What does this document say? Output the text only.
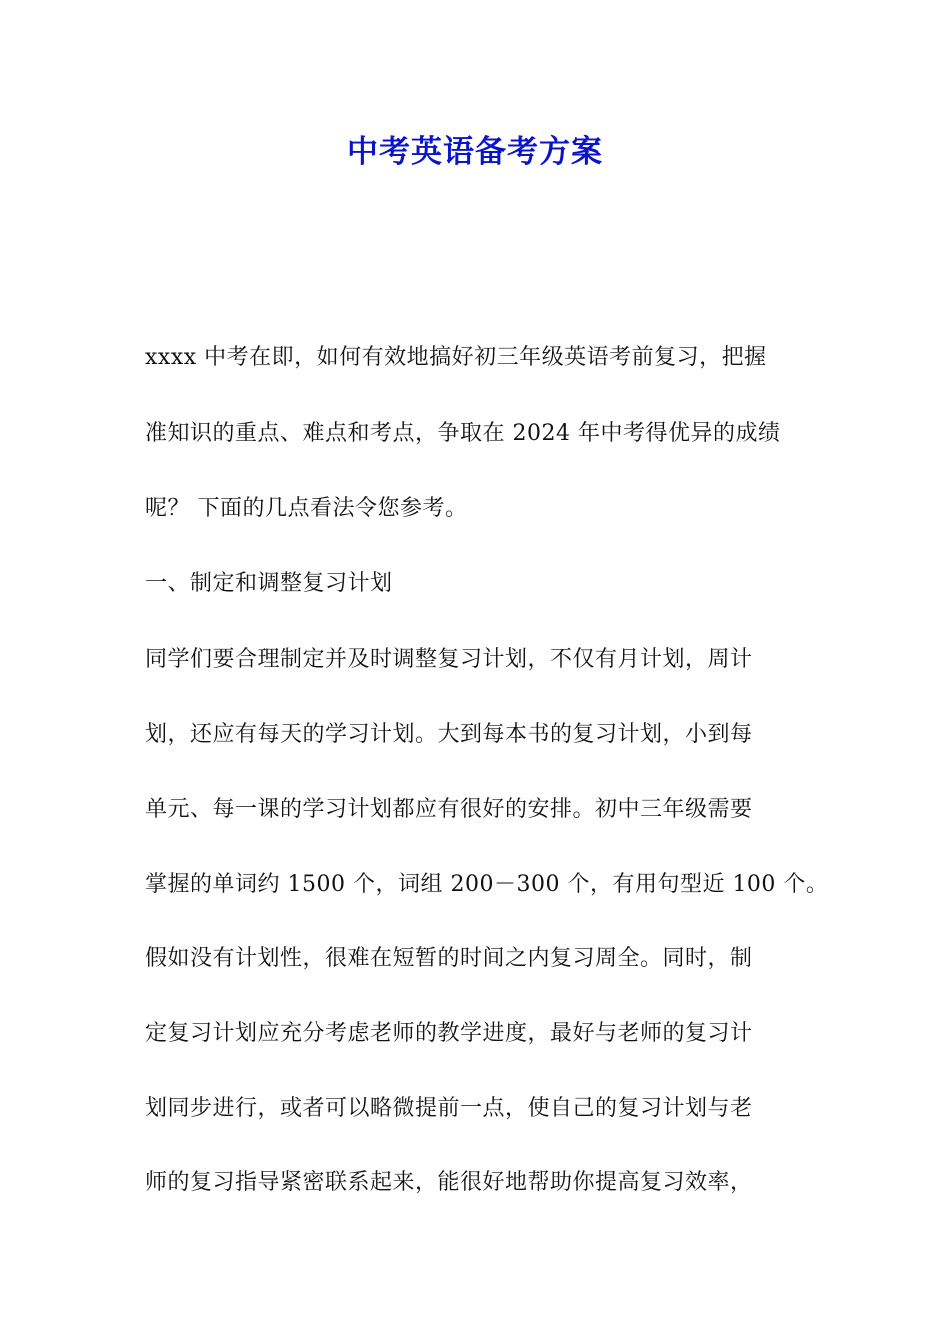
中考英语备考方案
xxxx 中考在即，如何有效地搞好初三年级英语考前复习，把握
准知识的重点、难点和考点，争取在 2024 年中考得优异的成绩
呢？ 下面的几点看法令您参考。
一、制定和调整复习计划
同学们要合理制定并及时调整复习计划，不仅有月计划，周计
划，还应有每天的学习计划。大到每本书的复习计划，小到每
单元、每一课的学习计划都应有很好的安排。初中三年级需要
掌握的单词约 1500 个，词组 200－300 个，有用句型近 100 个。
假如没有计划性，很难在短暂的时间之内复习周全。同时，制
定复习计划应充分考虑老师的教学进度，最好与老师的复习计
划同步进行，或者可以略微提前一点，使自己的复习计划与老
师的复习指导紧密联系起来，能很好地帮助你提高复习效率，
